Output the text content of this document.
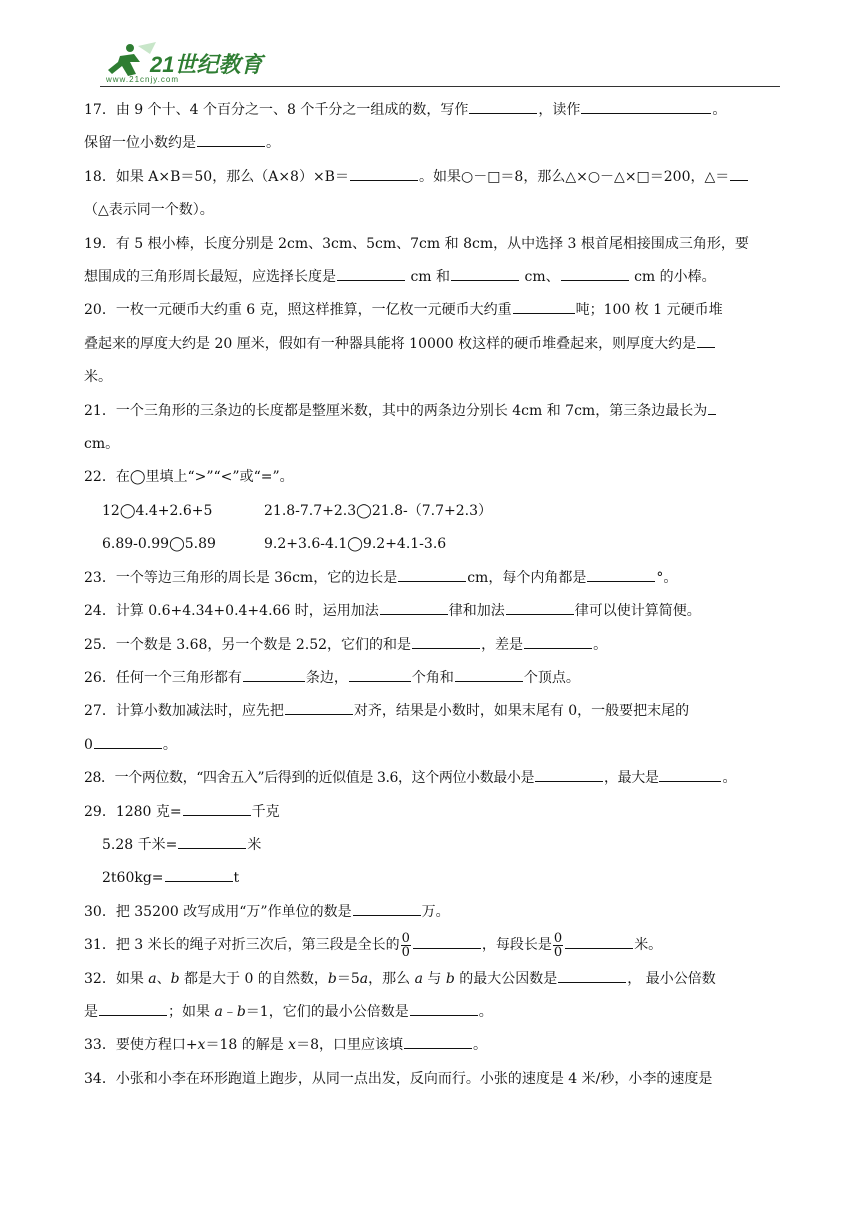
21世纪教育
www.21cnjy.com

17．由 9 个十、4 个百分之一、8 个千分之一组成的数，写作	，读作	。

保留一位小数约是	。

18．如果 A×B＝50，那么（A×8）×B＝	。如果○－□＝8，那么△×○－△×□＝200，△＝

（△表示同一个数）。

19．有 5 根小棒，长度分别是 2cm、3cm、5cm、7cm 和 8cm，从中选择 3 根首尾相接围成三角形，要

想围成的三角形周长最短，应选择长度是	cm 和	cm、	cm 的小棒。

20．一枚一元硬币大约重 6 克，照这样推算，一亿枚一元硬币大约重	吨；100 枚 1 元硬币堆

叠起来的厚度大约是 20 厘米，假如有一种器具能将 10000 枚这样的硬币堆叠起来，则厚度大约是

米。

21．一个三角形的三条边的长度都是整厘米数，其中的两条边分别长 4cm 和 7cm，第三条边最长为

cm。

22．在◯里填上“>”“<”或“=”。

12◯4.4+2.6+5	21.8-7.7+2.3◯21.8-（7.7+2.3）

6.89-0.99◯5.89	9.2+3.6-4.1◯9.2+4.1-3.6

23．一个等边三角形的周长是 36cm，它的边长是	cm，每个内角都是	°。

24．计算 0.6+4.34+0.4+4.66 时，运用加法	律和加法	律可以使计算简便。

25．一个数是 3.68，另一个数是 2.52，它们的和是	，差是	。

26．任何一个三角形都有	条边，	个角和	个顶点。

27．计算小数加减法时，应先把	对齐，结果是小数时，如果末尾有 0，一般要把末尾的

0	。

28．一个两位数，“四舍五入”后得到的近似值是 3.6，这个两位小数最小是	，最大是	。

29．1280 克=	千克

5.28 千米=	米

2t60kg=	t

30．把 35200 改写成用“万”作单位的数是	万。

31．把 3 米长的绳子对折三次后，第三段是全长的 $\frac{0}{0}$	，每段长是 $\frac{0}{0}$	米。

32．如果 a、b 都是大于 0 的自然数，b＝5a，那么 a 与 b 的最大公因数是	， 最小公倍数

是	；如果 a﹣b＝1，它们的最小公倍数是	。

33．要使方程口+x＝18 的解是 x＝8，口里应该填	。

34．小张和小李在环形跑道上跑步，从同一点出发，反向而行。小张的速度是 4 米/秒，小李的速度是
